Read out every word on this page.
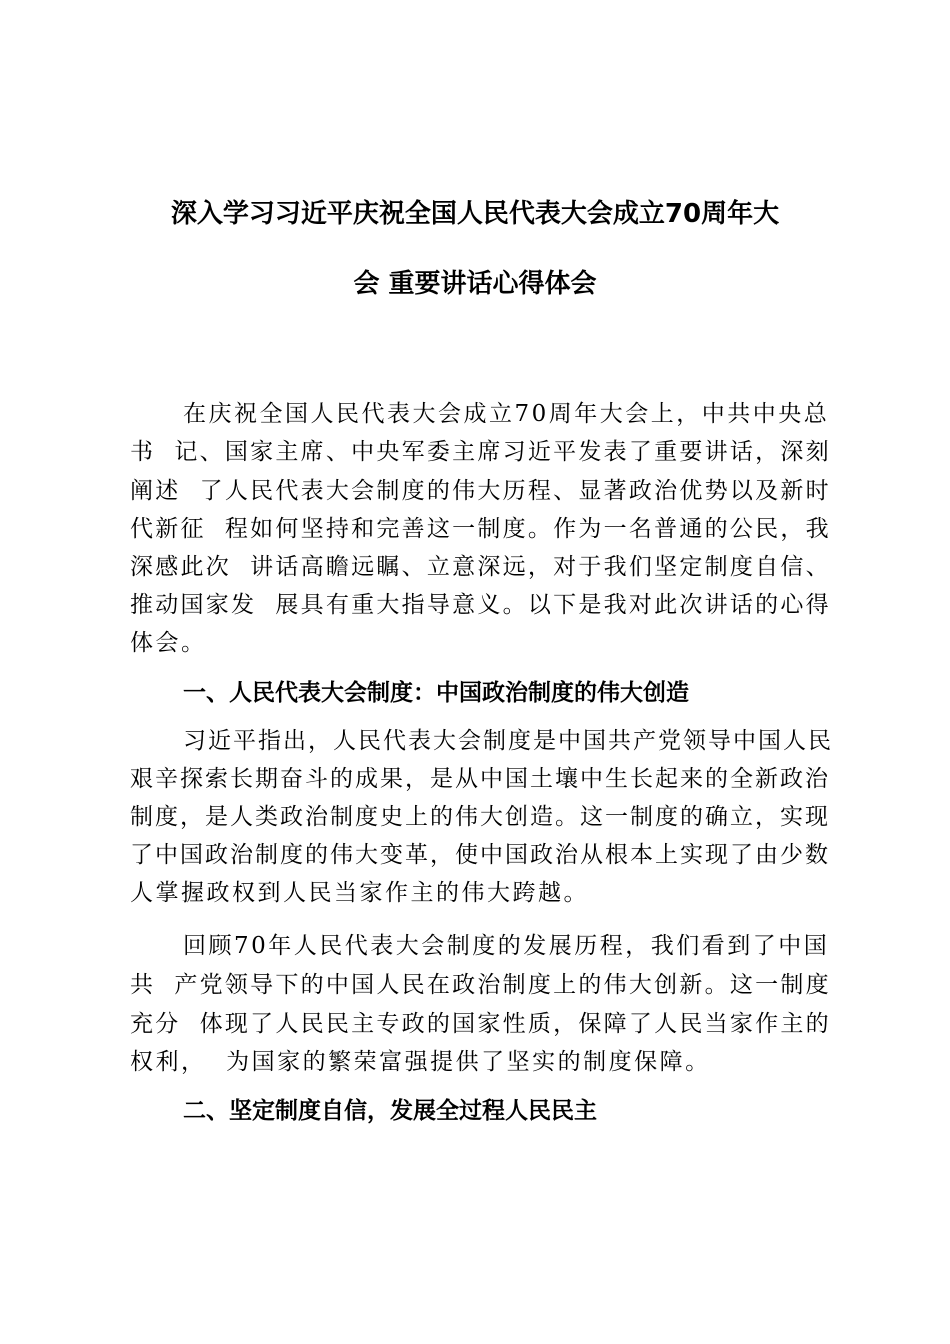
深入学习习近平庆祝全国人民代表大会成立70周年大
会 重要讲话心得体会
在庆祝全国人民代表大会成立70周年大会上，中共中央总
书  记、国家主席、中央军委主席习近平发表了重要讲话，深刻
阐述  了人民代表大会制度的伟大历程、显著政治优势以及新时
代新征  程如何坚持和完善这一制度。作为一名普通的公民，我
深感此次  讲话高瞻远瞩、立意深远，对于我们坚定制度自信、
推动国家发  展具有重大指导意义。以下是我对此次讲话的心得
体会。
一、人民代表大会制度：中国政治制度的伟大创造
习近平指出，人民代表大会制度是中国共产党领导中国人民
艰辛探索长期奋斗的成果，是从中国土壤中生长起来的全新政治
制度，是人类政治制度史上的伟大创造。这一制度的确立，实现
了中国政治制度的伟大变革，使中国政治从根本上实现了由少数
人掌握政权到人民当家作主的伟大跨越。
回顾70年人民代表大会制度的发展历程，我们看到了中国
共  产党领导下的中国人民在政治制度上的伟大创新。这一制度
充分  体现了人民民主专政的国家性质，保障了人民当家作主的
权利，  为国家的繁荣富强提供了坚实的制度保障。
二、坚定制度自信，发展全过程人民民主
